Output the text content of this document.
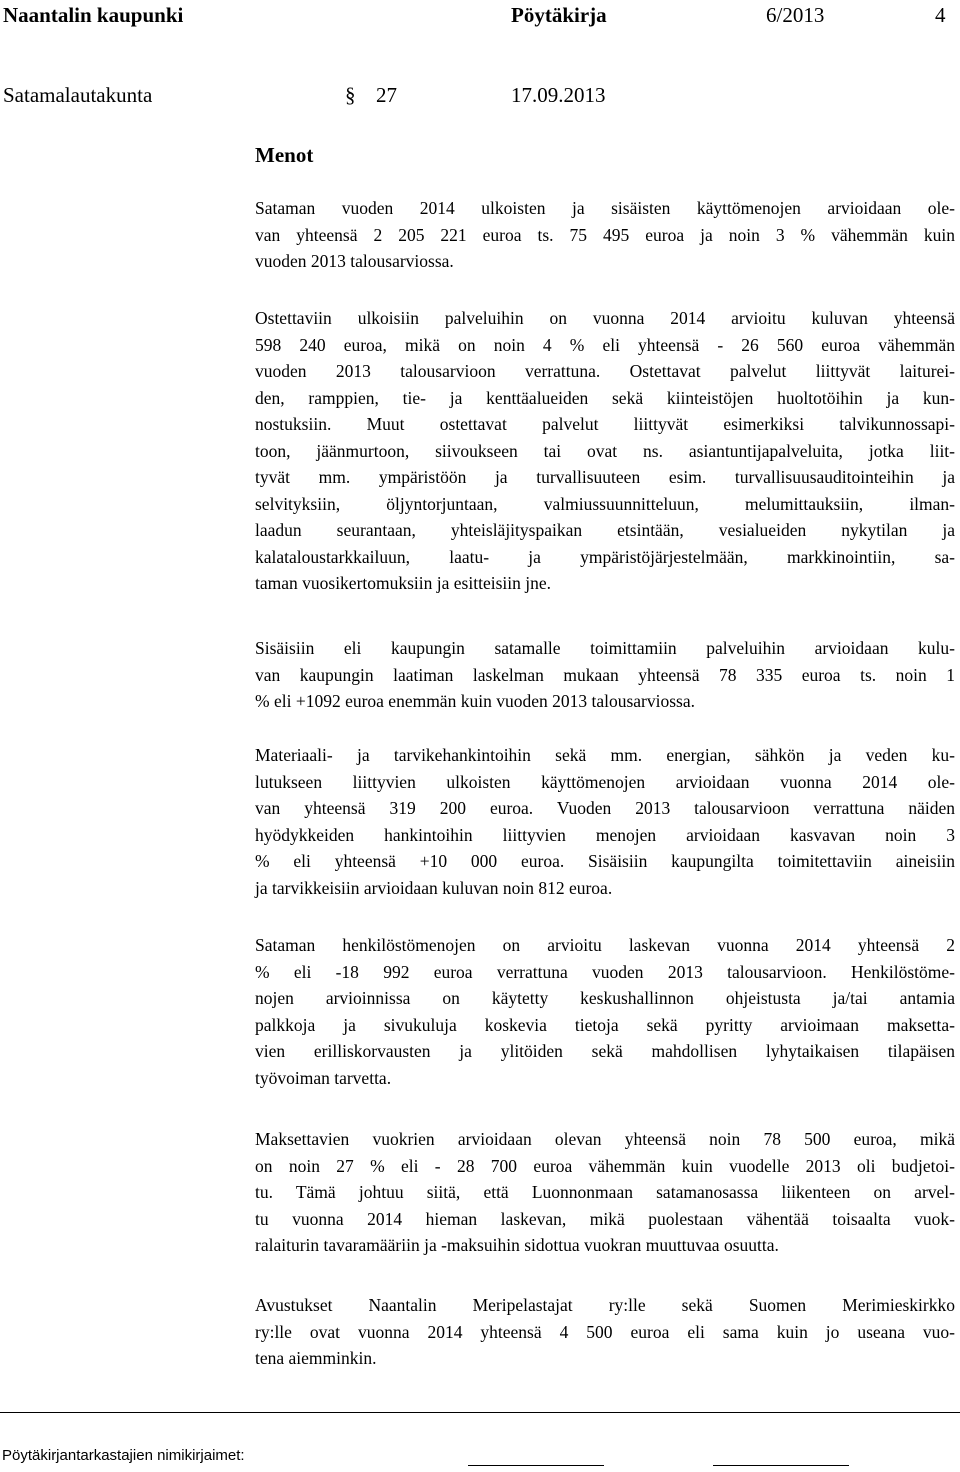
Naantalin kaupunki	Pöytäkirja	6/2013	4
Satamalautakunta	§ 27	17.09.2013
Menot
Sataman vuoden 2014 ulkoisten ja sisäisten käyttömenojen arvioidaan ole-
van yhteensä 2 205 221 euroa ts. 75 495 euroa ja noin 3 % vähemmän kuin
vuoden 2013 talousarviossa.
Ostettaviin ulkoisiin palveluihin on vuonna 2014 arvioitu kuluvan yhteensä
598 240 euroa, mikä on noin 4 % eli yhteensä - 26 560 euroa vähemmän
vuoden 2013 talousarvioon verrattuna. Ostettavat palvelut liittyvät laiturei-
den, ramppien, tie- ja kenttäalueiden sekä kiinteistöjen huoltotöihin ja kun-
nostuksiin. Muut ostettavat palvelut liittyvät esimerkiksi talvikunnossapi-
toon, jäänmurtoon, siivoukseen tai ovat ns. asiantuntijapalveluita, jotka liit-
tyvät mm. ympäristöön ja turvallisuuteen esim. turvallisuusauditointeihin ja
selvityksiin, öljyntorjuntaan, valmiussuunnitteluun, melumittauksiin, ilman-
laadun seurantaan, yhteisläjityspaikan etsintään, vesialueiden nykytilan ja
kalataloustarkkailuun, laatu- ja ympäristöjärjestelmään, markkinointiin, sa-
taman vuosikertomuksiin ja esitteisiin jne.
Sisäisiin eli kaupungin satamalle toimittamiin palveluihin arvioidaan kulu-
van kaupungin laatiman laskelman mukaan yhteensä 78 335 euroa ts. noin 1
% eli +1092 euroa enemmän kuin vuoden 2013 talousarviossa.
Materiaali- ja tarvikehankintoihin sekä mm. energian, sähkön ja veden ku-
lutukseen liittyvien ulkoisten käyttömenojen arvioidaan vuonna 2014 ole-
van yhteensä 319 200 euroa. Vuoden 2013 talousarvioon verrattuna näiden
hyödykkeiden hankintoihin liittyvien menojen arvioidaan kasvavan noin 3
% eli yhteensä +10 000 euroa. Sisäisiin kaupungilta toimitettaviin aineisiin
ja tarvikkeisiin arvioidaan kuluvan noin 812 euroa.
Sataman henkilöstömenojen on arvioitu laskevan vuonna 2014 yhteensä 2
% eli -18 992 euroa verrattuna vuoden 2013 talousarvioon. Henkilöstöme-
nojen arvioinnissa on käytetty keskushallinnon ohjeistusta ja/tai antamia
palkkoja ja sivukuluja koskevia tietoja sekä pyritty arvioimaan maksetta-
vien erilliskorvausten ja ylitöiden sekä mahdollisen lyhytaikaisen tilapäisen
työvoiman tarvetta.
Maksettavien vuokrien arvioidaan olevan yhteensä noin 78 500 euroa, mikä
on noin 27 % eli - 28 700 euroa vähemmän kuin vuodelle 2013 oli budjetoi-
tu. Tämä johtuu siitä, että Luonnonmaan satamanosassa liikenteen on arvel-
tu vuonna 2014 hieman laskevan, mikä puolestaan vähentää toisaalta vuok-
ralaiturin tavaramääriin ja -maksuihin sidottua vuokran muuttuvaa osuutta.
Avustukset Naantalin Meripelastajat ry:lle sekä Suomen Merimieskirkko
ry:lle ovat vuonna 2014 yhteensä 4 500 euroa eli sama kuin jo useana vuo-
tena aiemminkin.
Pöytäkirjantarkastajien nimikirjaimet:
